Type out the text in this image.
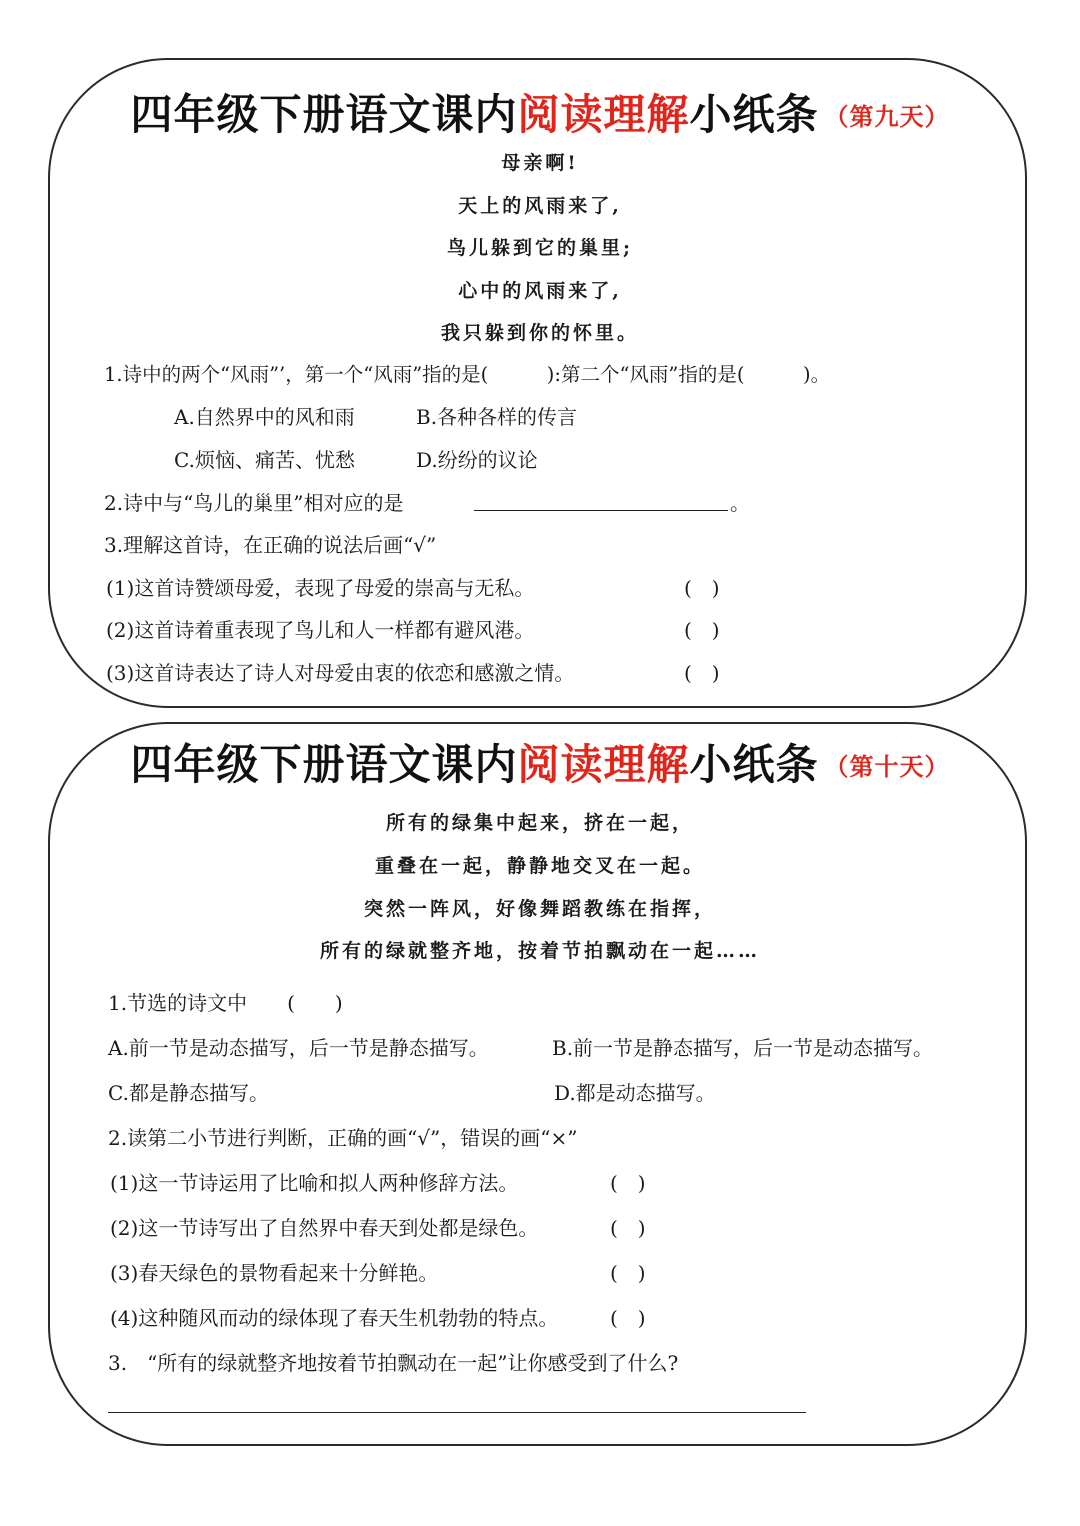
四年级下册语文课内阅读理解小纸条 （第九天）
母亲啊!
天上的风雨来了,
鸟儿躲到它的巢里;
心中的风雨来了,
我只躲到你的怀里。
1.诗中的两个“风雨”’，第一个“风雨”指的是(　　　):第二个“风雨”指的是(　　　)。
A.自然界中的风和雨	B.各种各样的传言
C.烦恼、痛苦、忧愁	D.纷纷的议论
2.诗中与“鸟儿的巢里”相对应的是	。
3.理解这首诗，在正确的说法后画“√”
(1)这首诗赞颂母爱，表现了母爱的崇高与无私。	(　)
(2)这首诗着重表现了鸟儿和人一样都有避风港。	(　)
(3)这首诗表达了诗人对母爱由衷的依恋和感激之情。	(　)
四年级下册语文课内阅读理解小纸条 （第十天）
所有的绿集中起来，挤在一起，
重叠在一起，静静地交叉在一起。
突然一阵风，好像舞蹈教练在指挥，
所有的绿就整齐地，按着节拍飘动在一起……
1.节选的诗文中　　(　　)
A.前一节是动态描写，后一节是静态描写。	B.前一节是静态描写，后一节是动态描写。
C.都是静态描写。	D.都是动态描写。
2.读第二小节进行判断，正确的画“√”，错误的画“×”
(1)这一节诗运用了比喻和拟人两种修辞方法。	(　)
(2)这一节诗写出了自然界中春天到处都是绿色。	(　)
(3)春天绿色的景物看起来十分鲜艳。	(　)
(4)这种随风而动的绿体现了春天生机勃勃的特点。	(　)
3.　“所有的绿就整齐地按着节拍飘动在一起”让你感受到了什么?
